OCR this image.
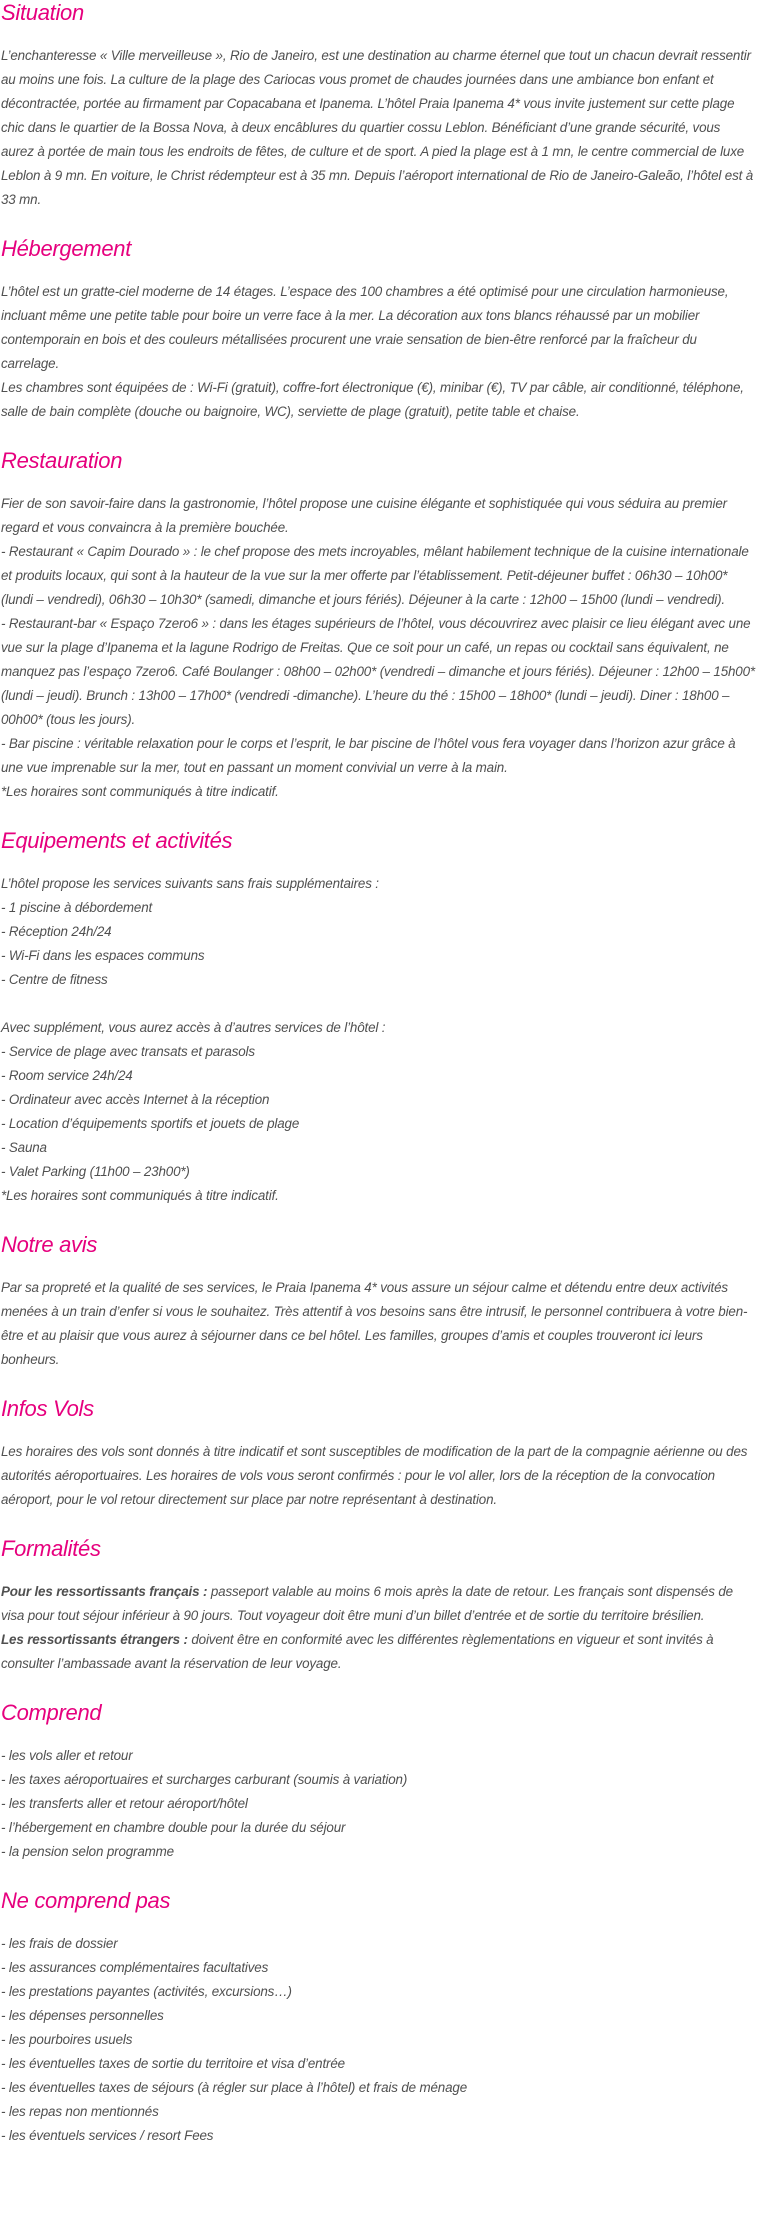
Situation

L’enchanteresse « Ville merveilleuse », Rio de Janeiro, est une destination au charme éternel que tout un chacun devrait ressentir au moins une fois. La culture de la plage des Cariocas vous promet de chaudes journées dans une ambiance bon enfant et décontractée, portée au firmament par Copacabana et Ipanema. L’hôtel Praia Ipanema 4* vous invite justement sur cette plage chic dans le quartier de la Bossa Nova, à deux encâblures du quartier cossu Leblon. Bénéficiant d’une grande sécurité, vous aurez à portée de main tous les endroits de fêtes, de culture et de sport. A pied la plage est à 1 mn, le centre commercial de luxe Leblon à 9 mn. En voiture, le Christ rédempteur est à 35 mn. Depuis l’aéroport international de Rio de Janeiro-Galeão, l’hôtel est à 33 mn.

Hébergement

L’hôtel est un gratte-ciel moderne de 14 étages. L’espace des 100 chambres a été optimisé pour une circulation harmonieuse, incluant même une petite table pour boire un verre face à la mer. La décoration aux tons blancs réhaussé par un mobilier contemporain en bois et des couleurs métallisées procurent une vraie sensation de bien-être renforcé par la fraîcheur du carrelage.

Les chambres sont équipées de : Wi-Fi (gratuit), coffre-fort électronique (€), minibar (€), TV par câble, air conditionné, téléphone, salle de bain complète (douche ou baignoire, WC), serviette de plage (gratuit), petite table et chaise.

Restauration

Fier de son savoir-faire dans la gastronomie, l’hôtel propose une cuisine élégante et sophistiquée qui vous séduira au premier regard et vous convaincra à la première bouchée.

- Restaurant « Capim Dourado » : le chef propose des mets incroyables, mêlant habilement technique de la cuisine internationale et produits locaux, qui sont à la hauteur de la vue sur la mer offerte par l’établissement. Petit-déjeuner buffet : 06h30 – 10h00* (lundi – vendredi), 06h30 – 10h30* (samedi, dimanche et jours fériés). Déjeuner à la carte : 12h00 – 15h00 (lundi – vendredi).

- Restaurant-bar « Espaço 7zero6 » : dans les étages supérieurs de l’hôtel, vous découvrirez avec plaisir ce lieu élégant avec une vue sur la plage d’Ipanema et la lagune Rodrigo de Freitas. Que ce soit pour un café, un repas ou cocktail sans équivalent, ne manquez pas l’espaço 7zero6. Café Boulanger : 08h00 – 02h00* (vendredi – dimanche et jours fériés). Déjeuner : 12h00 – 15h00* (lundi – jeudi). Brunch : 13h00 – 17h00* (vendredi -dimanche). L’heure du thé : 15h00 – 18h00* (lundi – jeudi). Diner : 18h00 – 00h00* (tous les jours).

- Bar piscine : véritable relaxation pour le corps et l’esprit, le bar piscine de l’hôtel vous fera voyager dans l’horizon azur grâce à une vue imprenable sur la mer, tout en passant un moment convivial un verre à la main.

*Les horaires sont communiqués à titre indicatif.

Equipements et activités

L’hôtel propose les services suivants sans frais supplémentaires :

- 1 piscine à débordement
- Réception 24h/24
- Wi-Fi dans les espaces communs
- Centre de fitness

Avec supplément, vous aurez accès à d’autres services de l’hôtel :

- Service de plage avec transats et parasols
- Room service 24h/24
- Ordinateur avec accès Internet à la réception
- Location d’équipements sportifs et jouets de plage
- Sauna
- Valet Parking (11h00 – 23h00*)

*Les horaires sont communiqués à titre indicatif.

Notre avis

Par sa propreté et la qualité de ses services, le Praia Ipanema 4* vous assure un séjour calme et détendu entre deux activités menées à un train d’enfer si vous le souhaitez. Très attentif à vos besoins sans être intrusif, le personnel contribuera à votre bien-être et au plaisir que vous aurez à séjourner dans ce bel hôtel. Les familles, groupes d’amis et couples trouveront ici leurs bonheurs.

Infos Vols

Les horaires des vols sont donnés à titre indicatif et sont susceptibles de modification de la part de la compagnie aérienne ou des autorités aéroportuaires. Les horaires de vols vous seront confirmés : pour le vol aller, lors de la réception de la convocation aéroport, pour le vol retour directement sur place par notre représentant à destination.

Formalités

Pour les ressortissants français : passeport valable au moins 6 mois après la date de retour. Les français sont dispensés de visa pour tout séjour inférieur à 90 jours. Tout voyageur doit être muni d’un billet d’entrée et de sortie du territoire brésilien.

Les ressortissants étrangers : doivent être en conformité avec les différentes règlementations en vigueur et sont invités à consulter l’ambassade avant la réservation de leur voyage.

Comprend
- les vols aller et retour
- les taxes aéroportuaires et surcharges carburant (soumis à variation)
- les transferts aller et retour aéroport/hôtel
- l’hébergement en chambre double pour la durée du séjour
- la pension selon programme
Ne comprend pas
- les frais de dossier
- les assurances complémentaires facultatives
- les prestations payantes (activités, excursions…)
- les dépenses personnelles
- les pourboires usuels
- les éventuelles taxes de sortie du territoire et visa d’entrée
- les éventuelles taxes de séjours (à régler sur place à l’hôtel) et frais de ménage
- les repas non mentionnés
- les éventuels services / resort Fees
